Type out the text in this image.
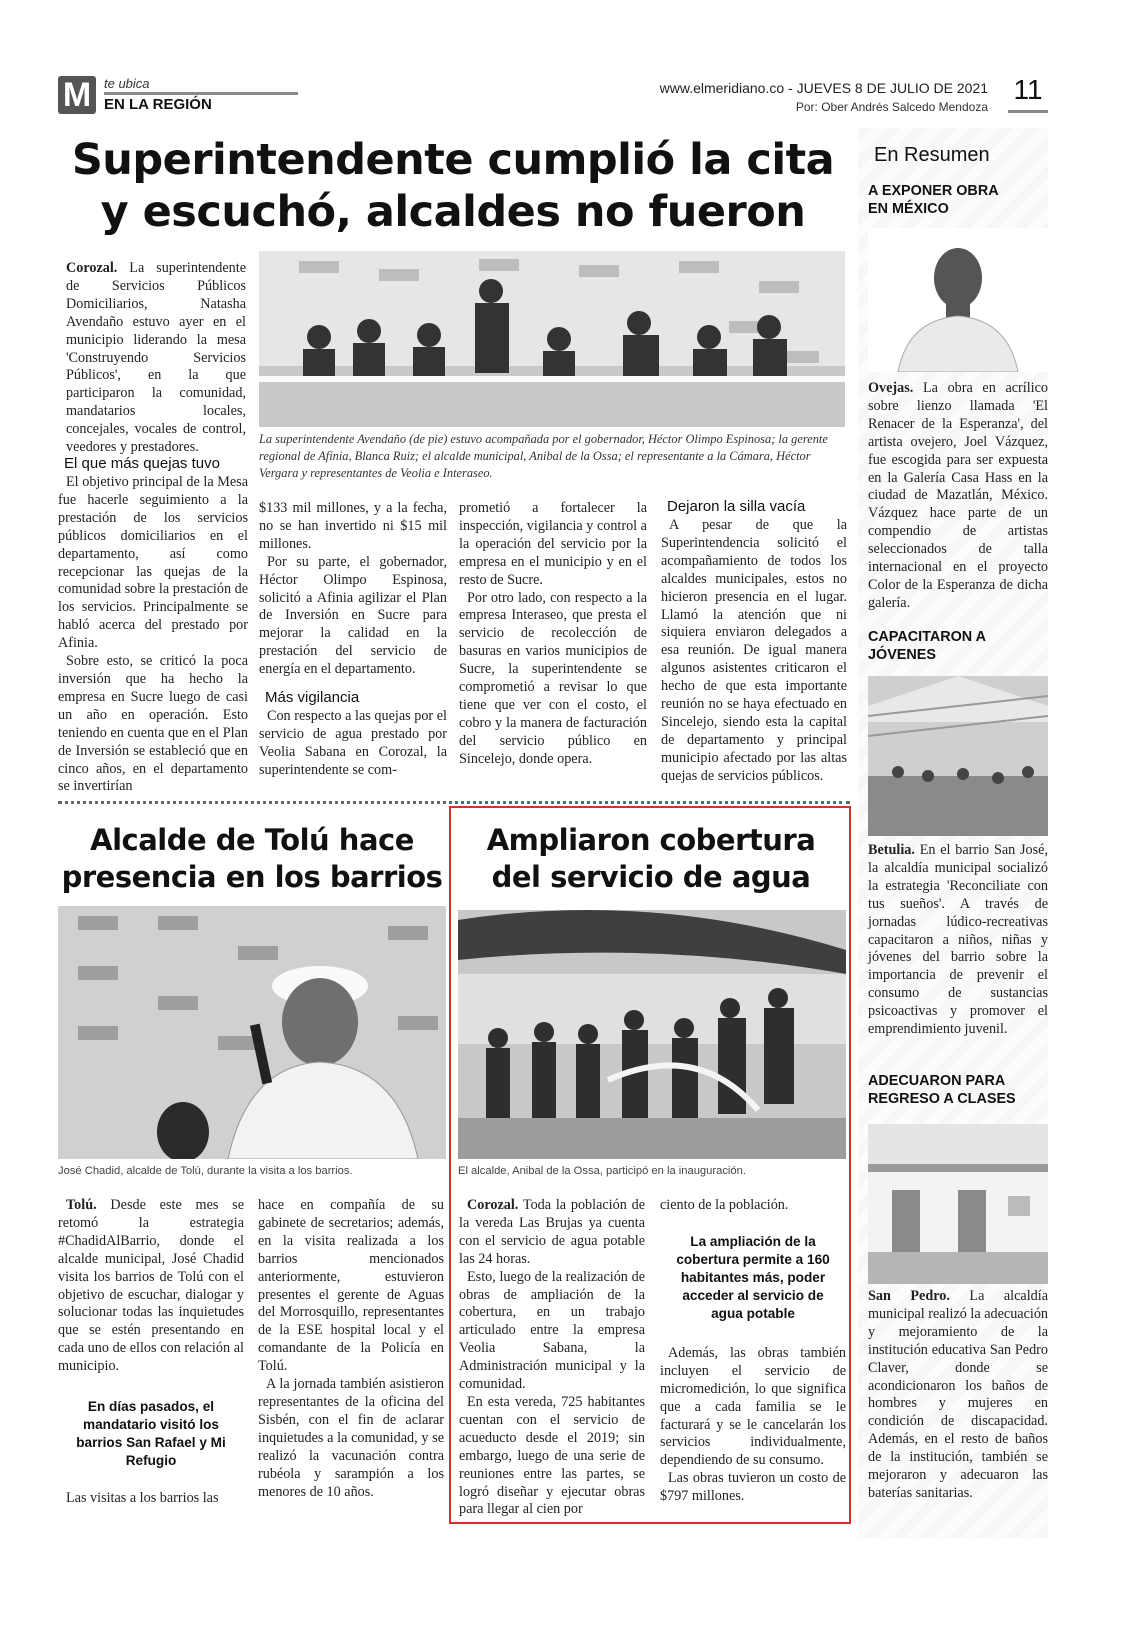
M te ubica
EN LA REGIÓN
www.elmeridiano.co - JUEVES 8 DE JULIO DE 2021
Por: Ober Andrés Salcedo Mendoza
11
Superintendente cumplió la cita
y escuchó, alcaldes no fueron
Corozal. La superintendente de Servicios Públicos Domiciliarios, Natasha Avendaño estuvo ayer en el municipio liderando la mesa 'Construyendo Servicios Públicos', en la que participaron la comunidad, mandatarios locales, concejales, vocales de control, veedores y prestadores.
La superintendente Avendaño (de pie) estuvo acompañada por el gobernador, Héctor Olimpo Espinosa; la gerente regional de Afinia, Blanca Ruiz; el alcalde municipal, Anibal de la Ossa; el representante a la Cámara, Héctor Vergara y representantes de Veolia e Interaseo.
El que más quejas tuvo

El objetivo principal de la Mesa fue hacerle seguimiento a la prestación de los servicios públicos domiciliarios en el departamento, así como recepcionar las quejas de la comunidad sobre la prestación de los servicios. Principalmente se habló acerca del prestado por Afinia.

Sobre esto, se criticó la poca inversión que ha hecho la empresa en Sucre luego de casi un año en operación. Esto teniendo en cuenta que en el Plan de Inversión se estableció que en cinco años, en el departamento se invertirían

$133 mil millones, y a la fecha, no se han invertido ni $15 mil millones.

Por su parte, el gobernador, Héctor Olimpo Espinosa, solicitó a Afinia agilizar el Plan de Inversión en Sucre para mejorar la calidad en la prestación del servicio de energía en el departamento.

Más vigilancia

Con respecto a las quejas por el servicio de agua prestado por Veolia Sabana en Corozal, la superintendente se com-

prometió a fortalecer la inspección, vigilancia y control a la operación del servicio por la empresa en el municipio y en el resto de Sucre.

Por otro lado, con respecto a la empresa Interaseo, que presta el servicio de recolección de basuras en varios municipios de Sucre, la superintendente se comprometió a revisar lo que tiene que ver con el costo, el cobro y la manera de facturación del servicio público en Sincelejo, donde opera.

Dejaron la silla vacía

A pesar de que la Superintendencia solicitó el acompañamiento de todos los alcaldes municipales, estos no hicieron presencia en el lugar. Llamó la atención que ni siquiera enviaron delegados a esa reunión. De igual manera algunos asistentes criticaron el hecho de que esta importante reunión no se haya efectuado en Sincelejo, siendo esta la capital de departamento y principal municipio afectado por las altas quejas de servicios públicos.

En Resumen
A EXPONER OBRA EN MÉXICO
Ovejas. La obra en acrílico sobre lienzo llamada 'El Renacer de la Esperanza', del artista ovejero, Joel Vázquez, fue escogida para ser expuesta en la Galería Casa Hass en la ciudad de Mazatlán, México. Vázquez hace parte de un compendio de artistas seleccionados de talla internacional en el proyecto Color de la Esperanza de dicha galería.
CAPACITARON A JÓVENES
Betulia. En el barrio San José, la alcaldía municipal socializó la estrategia 'Reconciliate con tus sueños'. A través de jornadas lúdico-recreativas capacitaron a niños, niñas y jóvenes del barrio sobre la importancia de prevenir el consumo de sustancias psicoactivas y promover el emprendimiento juvenil.
ADECUARON PARA REGRESO A CLASES
San Pedro. La alcaldía municipal realizó la adecuación y mejoramiento de la institución educativa San Pedro Claver, donde se acondicionaron los baños de hombres y mujeres en condición de discapacidad. Además, en el resto de baños de la institución, también se mejoraron y adecuaron las baterías sanitarias.
Alcalde de Tolú hace
presencia en los barrios
José Chadid, alcalde de Tolú, durante la visita a los barrios.

Tolú. Desde este mes se retomó la estrategia #ChadidAlBarrio, donde el alcalde municipal, José Chadid visita los barrios de Tolú con el objetivo de escuchar, dialogar y solucionar todas las inquietudes que se estén presentando en cada uno de ellos con relación al municipio.

En días pasados, el mandatario visitó los barrios San Rafael y Mi Refugio

Las visitas a los barrios las

hace en compañía de su gabinete de secretarios; además, en la visita realizada a los barrios mencionados anteriormente, estuvieron presentes el gerente de Aguas del Morrosquillo, representantes de la ESE hospital local y el comandante de la Policía en Tolú.

A la jornada también asistieron representantes de la oficina del Sisbén, con el fin de aclarar inquietudes a la comunidad, y se realizó la vacunación contra rubéola y sarampión a los menores de 10 años.

Ampliaron cobertura
del servicio de agua
El alcalde, Anibal de la Ossa, participó en la inauguración.

Corozal. Toda la población de la vereda Las Brujas ya cuenta con el servicio de agua potable las 24 horas.

Esto, luego de la realización de obras de ampliación de la cobertura, en un trabajo articulado entre la empresa Veolia Sabana, la Administración municipal y la comunidad.

En esta vereda, 725 habitantes cuentan con el servicio de acueducto desde el 2019; sin embargo, luego de una serie de reuniones entre las partes, se logró diseñar y ejecutar obras para llegar al cien por

ciento de la población.

La ampliación de la cobertura permite a 160 habitantes más, poder acceder al servicio de agua potable

Además, las obras también incluyen el servicio de micromedición, lo que significa que a cada familia se le facturará y se le cancelarán los servicios individualmente, dependiendo de su consumo.

Las obras tuvieron un costo de $797 millones.
